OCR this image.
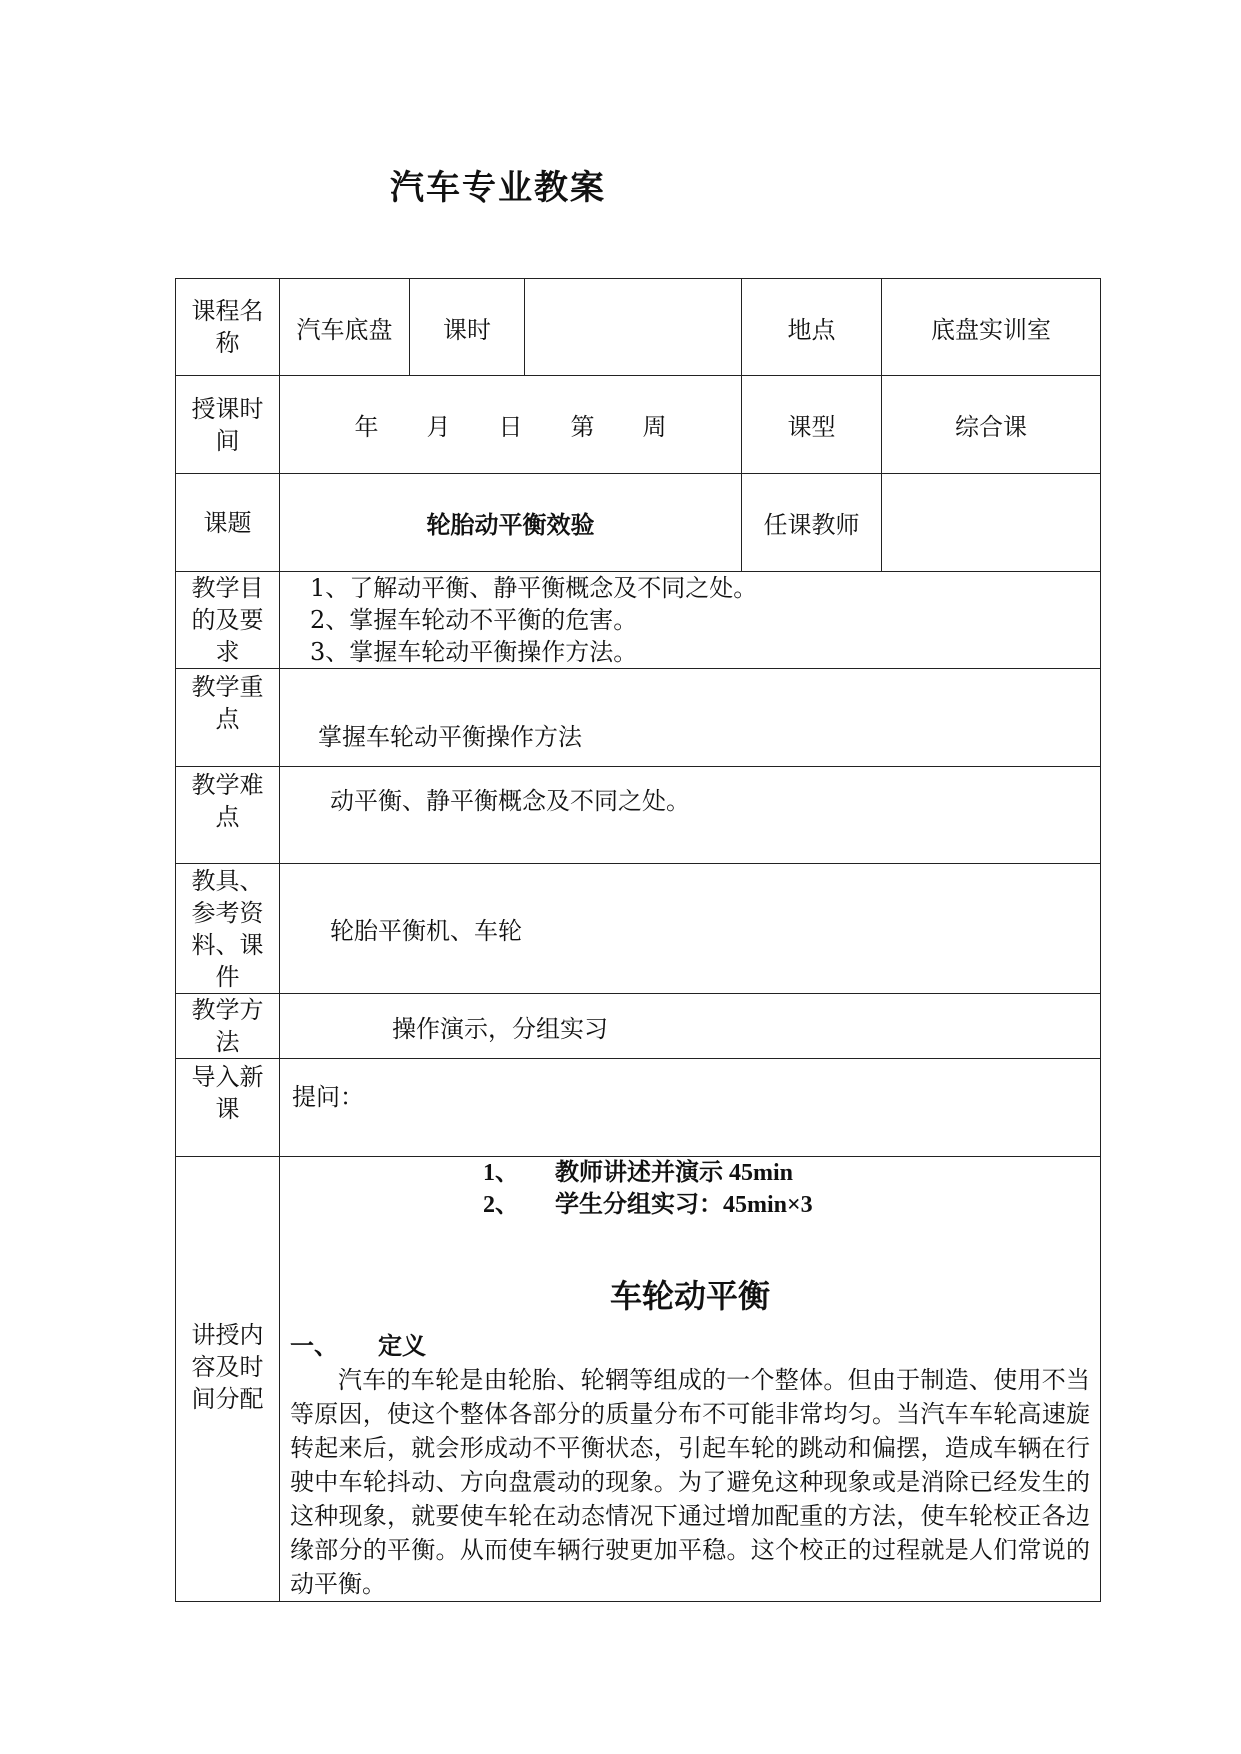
汽车专业教案
课程名称	汽车底盘	课时		地点	底盘实训室
授课时间	年　　月　　日　　第　　周			课型	综合课
课题	轮胎动平衡效验			任课教师	
教学目的及要求	1、了解动平衡、静平衡概念及不同之处。
2、掌握车轮动不平衡的危害。
3、掌握车轮动平衡操作方法。				

教学重点	掌握车轮动平衡操作方法				
教学难点	动平衡、静平衡概念及不同之处。				
教具、参考资料、课件	轮胎平衡机、车轮				
教学方法	操作演示，分组实习				
导入新课	提问：				
讲授内容及时间分配	1、 教师讲述并演示 45min
2、 学生分组实习：45min×3
车轮动平衡
一、 定义

汽车的车轮是由轮胎、轮辋等组成的一个整体。但由于制造、使用不当等原因，使这个整体各部分的质量分布不可能非常均匀。当汽车车轮高速旋转起来后，就会形成动不平衡状态，引起车轮的跳动和偏摆，造成车辆在行驶中车轮抖动、方向盘震动的现象。为了避免这种现象或是消除已经发生的这种现象，就要使车轮在动态情况下通过增加配重的方法，使车轮校正各边缘部分的平衡。从而使车辆行驶更加平稳。这个校正的过程就是人们常说的动平衡。				
